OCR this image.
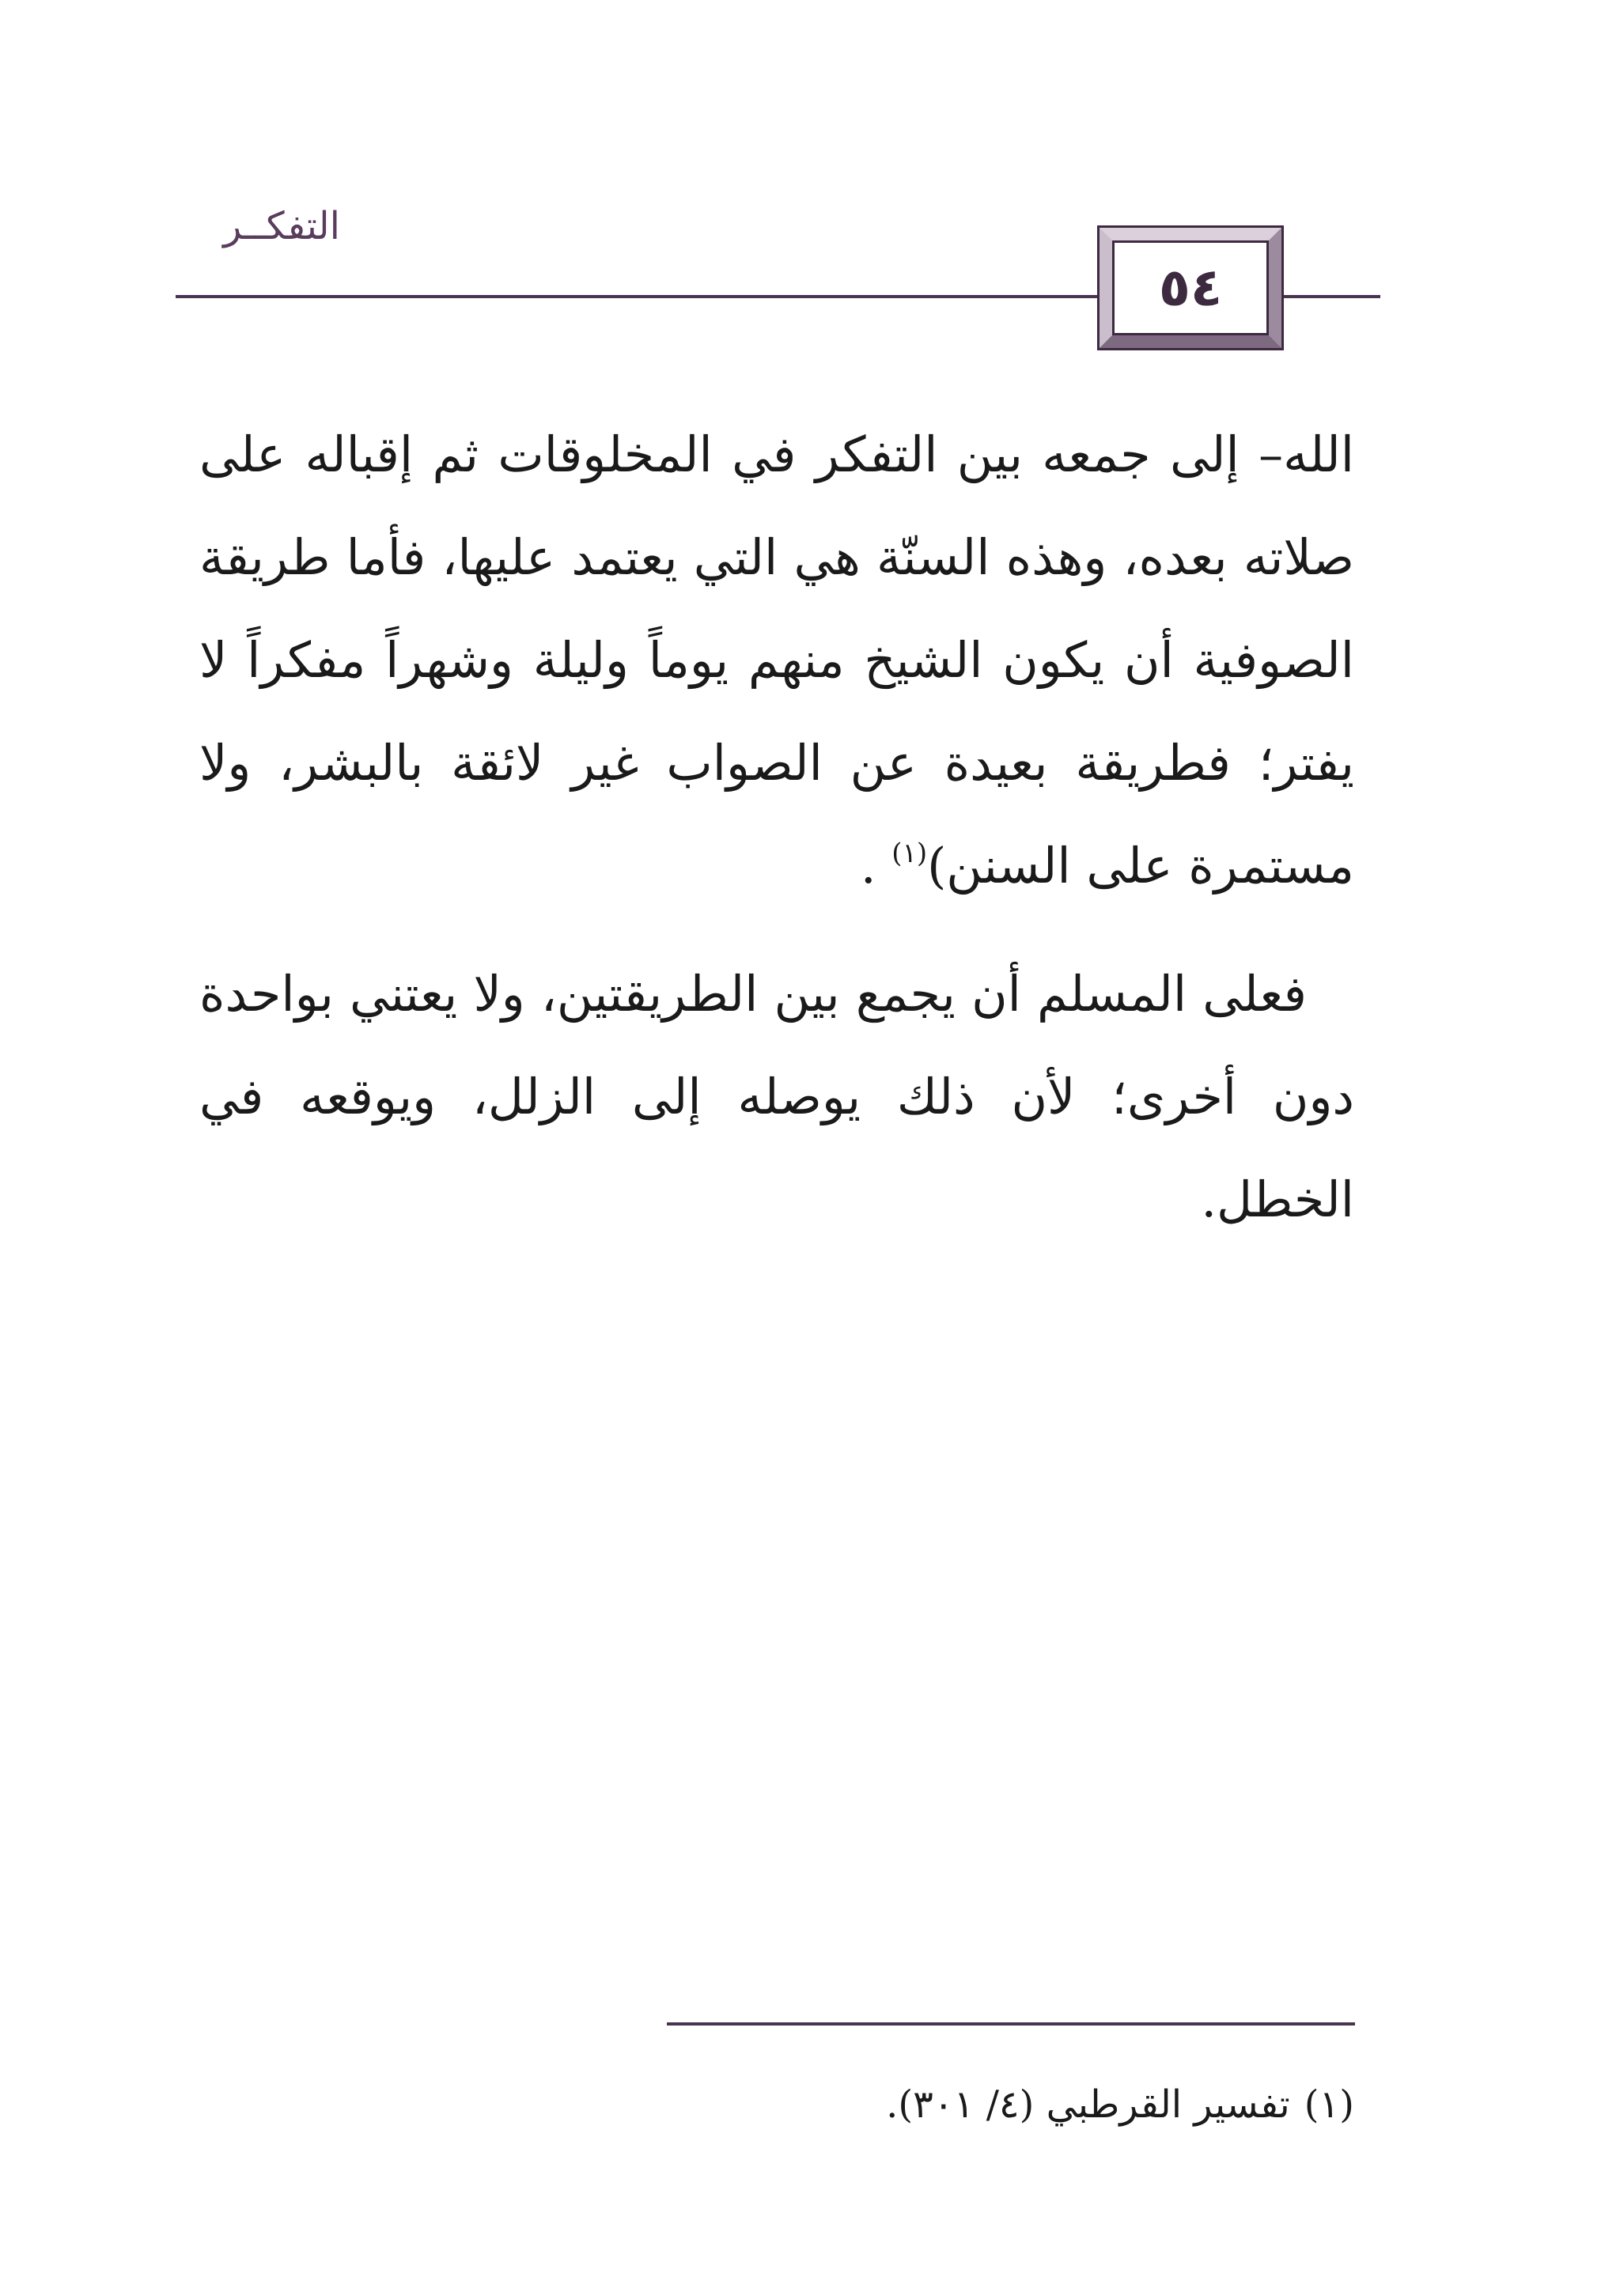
التفكــر
٥٤

الله– إلى جمعه بين التفكر في المخلوقات ثم إقباله على صلاته بعده، وهذه السنّة هي التي يعتمد عليها، فأما طريقة الصوفية أن يكون الشيخ منهم يوماً وليلة وشهراً مفكراً لا يفتر؛ فطريقة بعيدة عن الصواب غير لائقة بالبشر، ولا مستمرة على السنن)$^{(١)}$ .

فعلى المسلم أن يجمع بين الطريقتين، ولا يعتني بواحدة دون أخرى؛ لأن ذلك يوصله إلى الزلل، ويوقعه في الخطل.

(١)تفسير القرطبي (٤/ ٣٠١).
